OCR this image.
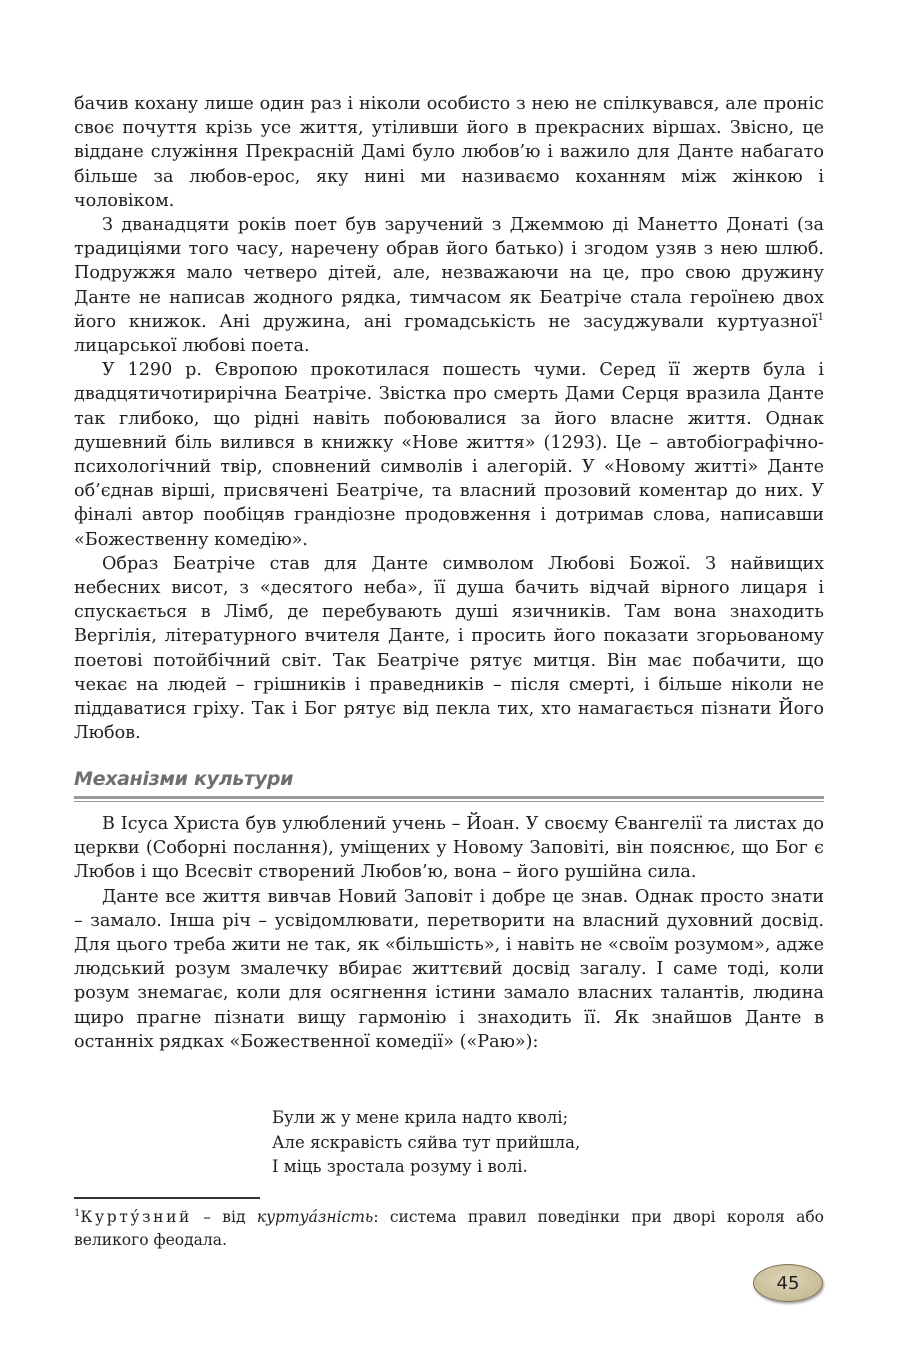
бачив кохану лише один раз і ніколи особисто з нею не спілкувався, але проніс своє почуття крізь усе життя, утіливши його в прекрасних віршах. Звісно, це віддане служіння Прекрасній Дамі було любов’ю і важило для Данте набагато більше за любов-ерос, яку нині ми називаємо коханням між жінкою і чоловіком.

З дванадцяти років поет був заручений з Джеммою ді Манетто Донаті (за традиціями того часу, наречену обрав його батько) і згодом узяв з нею шлюб. Подружжя мало четверо дітей, але, незважаючи на це, про свою дружину Данте не написав жодного рядка, тимчасом як Беатріче стала героїнею двох його книжок. Ані дружина, ані громадськість не засуджували куртуазної$^1$ лицарської любові поета.

У 1290 р. Європою прокотилася пошесть чуми. Серед її жертв була і двадцятичотирирічна Беатріче. Звістка про смерть Дами Серця вразила Данте так глибоко, що рідні навіть побоювалися за його власне життя. Однак душевний біль вилився в книжку «Нове життя» (1293). Це – автобіографічно-психологічний твір, сповнений символів і алегорій. У «Новому житті» Данте об’єднав вірші, присвячені Беатріче, та власний прозовий коментар до них. У фіналі автор пообіцяв грандіозне продовження і дотримав слова, написавши «Божественну комедію».

Образ Беатріче став для Данте символом Любові Божої. З найвищих небесних висот, з «десятого неба», її душа бачить відчай вірного лицаря і спускається в Лімб, де перебувають душі язичників. Там вона знаходить Вергілія, літературного вчителя Данте, і просить його показати згорьованому поетові потойбічний світ. Так Беатріче рятує митця. Він має побачити, що чекає на людей – грішників і праведників – після смерті, і більше ніколи не піддаватися гріху. Так і Бог рятує від пекла тих, хто намагається пізнати Його Любов.

Механізми культури

В Ісуса Христа був улюблений учень – Йоан. У своєму Євангелії та листах до церкви (Соборні послання), уміщених у Новому Заповіті, він пояснює, що Бог є Любов і що Всесвіт створений Любов’ю, вона – його рушійна сила.

Данте все життя вивчав Новий Заповіт і добре це знав. Однак просто знати – замало. Інша річ – усвідомлювати, перетворити на власний духовний досвід. Для цього треба жити не так, як «більшість», і навіть не «своїм розумом», адже людський розум змалечку вбирає життєвий досвід загалу. І саме тоді, коли розум знемагає, коли для осягнення істини замало власних талантів, людина щиро прагне пізнати вищу гармонію і знаходить її. Як знайшов Данте в останніх рядках «Божественної комедії» («Раю»):

Були ж у мене крила надто кволі;
Але яскравість сяйва тут прийшла,
І міць зростала розуму і волі.
$^1$Курту́зний – від куртуа́зність: система правил поведінки при дворі короля або великого феодала.
45
